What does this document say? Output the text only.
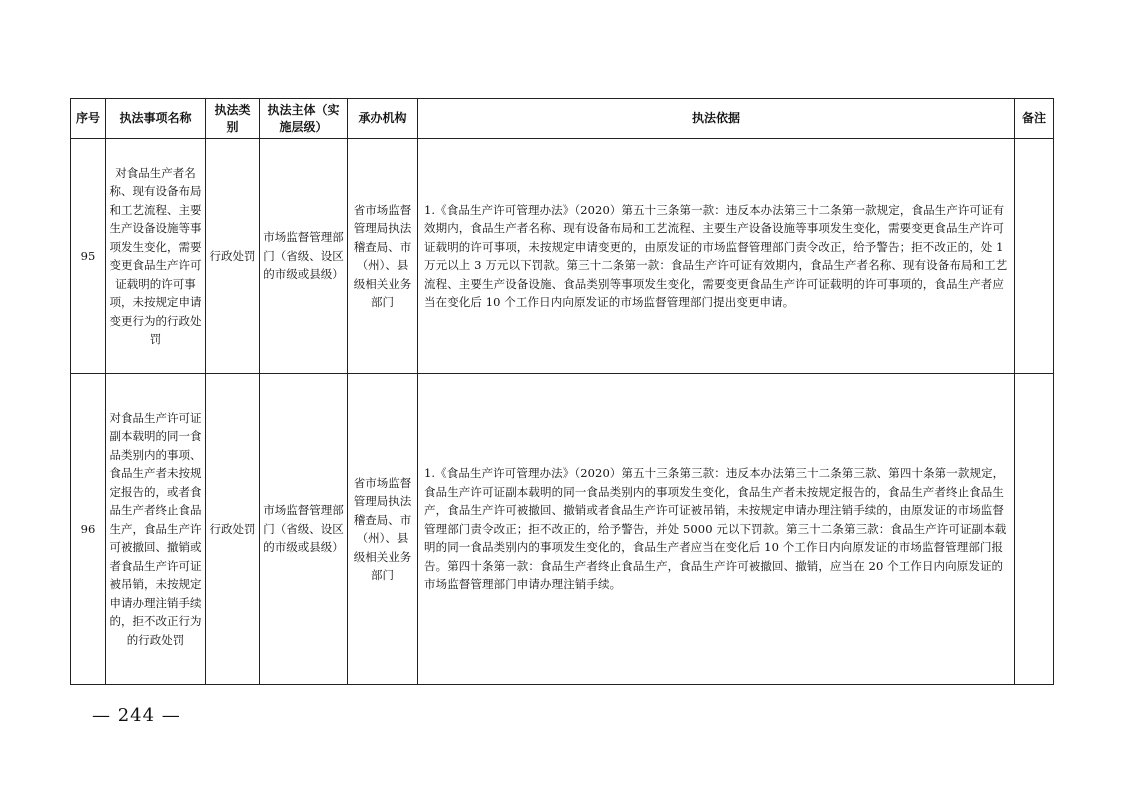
序号	执法事项名称	执法类别	执法主体（实施层级）	承办机构	执法依据	备注
95	对食品生产者名称、现有设备布局和工艺流程、主要生产设备设施等事项发生变化，需要变更食品生产许可证载明的许可事项，未按规定申请变更行为的行政处罚	行政处罚	市场监督管理部门（省级、设区的市级或县级）	省市场监督管理局执法稽查局、市（州）、县级相关业务部门	1.《食品生产许可管理办法》（2020）第五十三条第一款：违反本办法第三十二条第一款规定，食品生产许可证有效期内，食品生产者名称、现有设备布局和工艺流程、主要生产设备设施等事项发生变化，需要变更食品生产许可证载明的许可事项，未按规定申请变更的，由原发证的市场监督管理部门责令改正，给予警告；拒不改正的，处 1 万元以上 3 万元以下罚款。第三十二条第一款：食品生产许可证有效期内，食品生产者名称、现有设备布局和工艺流程、主要生产设备设施、食品类别等事项发生变化，需要变更食品生产许可证载明的许可事项的，食品生产者应当在变化后 10 个工作日内向原发证的市场监督管理部门提出变更申请。	
96	对食品生产许可证副本载明的同一食品类别内的事项、食品生产者未按规定报告的，或者食品生产者终止食品生产，食品生产许可被撤回、撤销或者食品生产许可证被吊销，未按规定申请办理注销手续的，拒不改正行为的行政处罚	行政处罚	市场监督管理部门（省级、设区的市级或县级）	省市场监督管理局执法稽查局、市（州）、县级相关业务部门	1.《食品生产许可管理办法》（2020）第五十三条第三款：违反本办法第三十二条第三款、第四十条第一款规定，食品生产许可证副本载明的同一食品类别内的事项发生变化，食品生产者未按规定报告的，食品生产者终止食品生产，食品生产许可被撤回、撤销或者食品生产许可证被吊销，未按规定申请办理注销手续的，由原发证的市场监督管理部门责令改正；拒不改正的，给予警告，并处 5000 元以下罚款。第三十二条第三款：食品生产许可证副本载明的同一食品类别内的事项发生变化的，食品生产者应当在变化后 10 个工作日内向原发证的市场监督管理部门报告。第四十条第一款：食品生产者终止食品生产，食品生产许可被撤回、撤销，应当在 20 个工作日内向原发证的市场监督管理部门申请办理注销手续。	
— 244 —
